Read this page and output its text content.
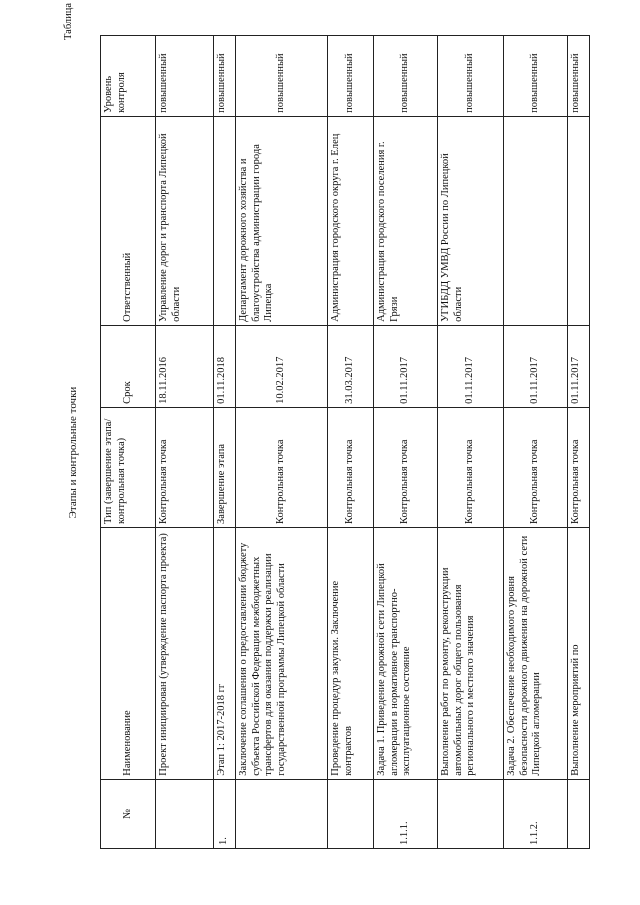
Таблица
Этапы и контрольные точки
№	Наименование	Тип (завершение этапа/контрольная точка)	Срок	Ответственный	Уровень контроля
	Проект инициирован (утверждение паспорта проекта)	Контрольная точка	18.11.2016	Управление дорог и транспорта Липецкой области	повышенный
1.	Этап 1: 2017-2018 гг	Завершение этапа	01.11.2018		повышенный
	Заключение соглашения о предоставлении бюджету субъекта Российской Федерации межбюджетных трансфертов для оказания поддержки реализации государственной программы Липецкой области	Контрольная точка	10.02.2017	Департамент дорожного хозяйства и благоустройства администрации города Липецка	повышенный
	Проведение процедур закупки. Заключение контрактов	Контрольная точка	31.03.2017	Администрация городского округа г. Елец	повышенный
1.1.1.	Задача 1. Приведение дорожной сети Липецкой агломерации в нормативное транспортно-эксплуатационное состояние	Контрольная точка	01.11.2017	Администрация городского поселения г. Грязи	повышенный
	Выполнение работ по ремонту, реконструкции автомобильных дорог общего пользования регионального и местного значения	Контрольная точка	01.11.2017	УГИБДД УМВД России по Липецкой области	повышенный
1.1.2.	Задача 2. Обеспечение необходимого уровня безопасности дорожного движения на дорожной сети Липецкой агломерации	Контрольная точка	01.11.2017		повышенный
	Выполнение мероприятий по	Контрольная точка	01.11.2017		повышенный
